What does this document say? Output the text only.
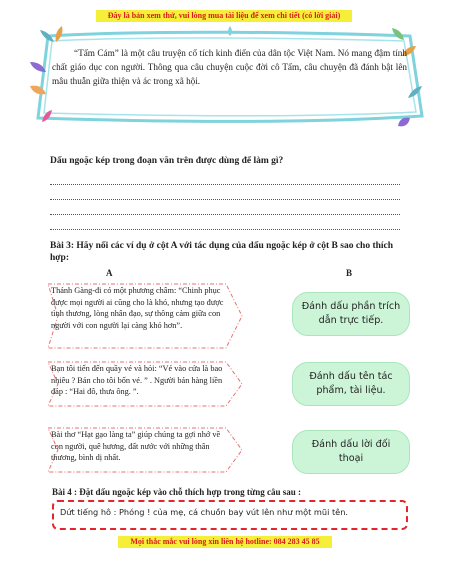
Đây là bản xem thử, vui lòng mua tài liệu để xem chi tiết (có lời giải)
“Tấm Cám” là một câu truyện cổ tích kinh điển của dân tộc Việt Nam. Nó mang đậm tính chất giáo dục con người. Thông qua câu chuyện cuộc đời cô Tấm, câu chuyện đã đánh bật lên mâu thuẫn giữa thiện và ác trong xã hội.
Dấu ngoặc kép trong đoạn văn trên được dùng để làm gì?
Bài 3: Hãy nối các ví dụ ở cột A với tác dụng của dấu ngoặc kép ở cột B sao cho thích hợp:
A	B
Thánh Gàng-đi có một phương châm: “Chinh phục được mọi người ai cũng cho là khó, nhưng tạo được tình thương, lòng nhân đạo, sự thông cảm giữa con người với con người lại càng khó hơn”.
Bạn tôi tiến đến quầy vé và hỏi: “Vé vào cửa là bao nhiêu ? Bán cho tôi bốn vé. ” . Người bán hàng liền đáp : “Hai đô, thưa ông. ”.
Bài thơ “Hạt gạo làng ta” giúp chúng ta gợi nhớ về con người, quê hương, đất nước với những thân thương, bình dị nhất.
Đánh dấu phần trích dẫn trực tiếp.
Đánh dấu tên tác phẩm, tài liệu.
Đánh dấu lời đối thoại
Bài 4 : Đặt dấu ngoặc kép vào chỗ thích hợp trong từng câu sau :
Dứt tiếng hô : Phóng ! của mẹ, cá chuồn bay vút lên như một mũi tên.
Mọi thắc mắc vui lòng xin liên hệ hotline: 084 283 45 85
